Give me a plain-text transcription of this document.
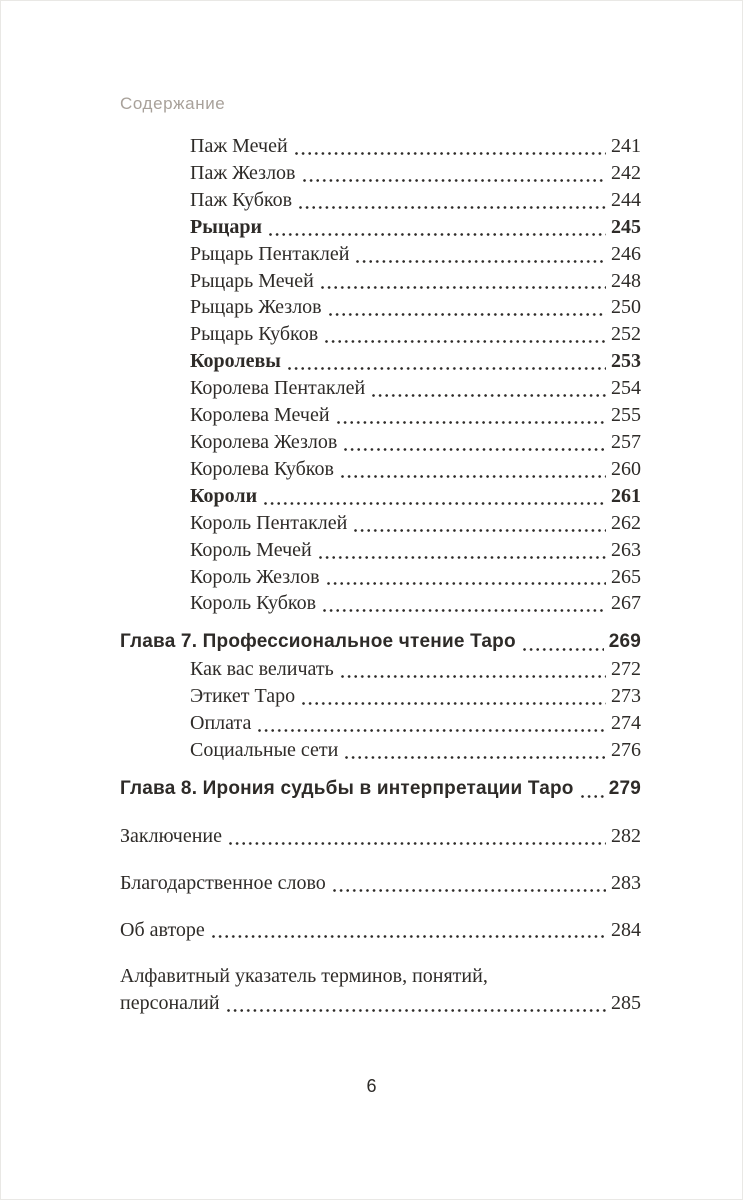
Содержание
Паж Мечей	241
Паж Жезлов	242
Паж Кубков	244
Рыцари	245
Рыцарь Пентаклей	246
Рыцарь Мечей	248
Рыцарь Жезлов	250
Рыцарь Кубков	252
Королевы	253
Королева Пентаклей	254
Королева Мечей	255
Королева Жезлов	257
Королева Кубков	260
Короли	261
Король Пентаклей	262
Король Мечей	263
Король Жезлов	265
Король Кубков	267
Глава 7. Профессиональное чтение Таро	269
Как вас величать	272
Этикет Таро	273
Оплата	274
Социальные сети	276
Глава 8. Ирония судьбы в интерпретации Таро 279
Заключение	282
Благодарственное слово	283
Об авторе	284
Алфавитный указатель терминов, понятий,
персоналий	285
6
